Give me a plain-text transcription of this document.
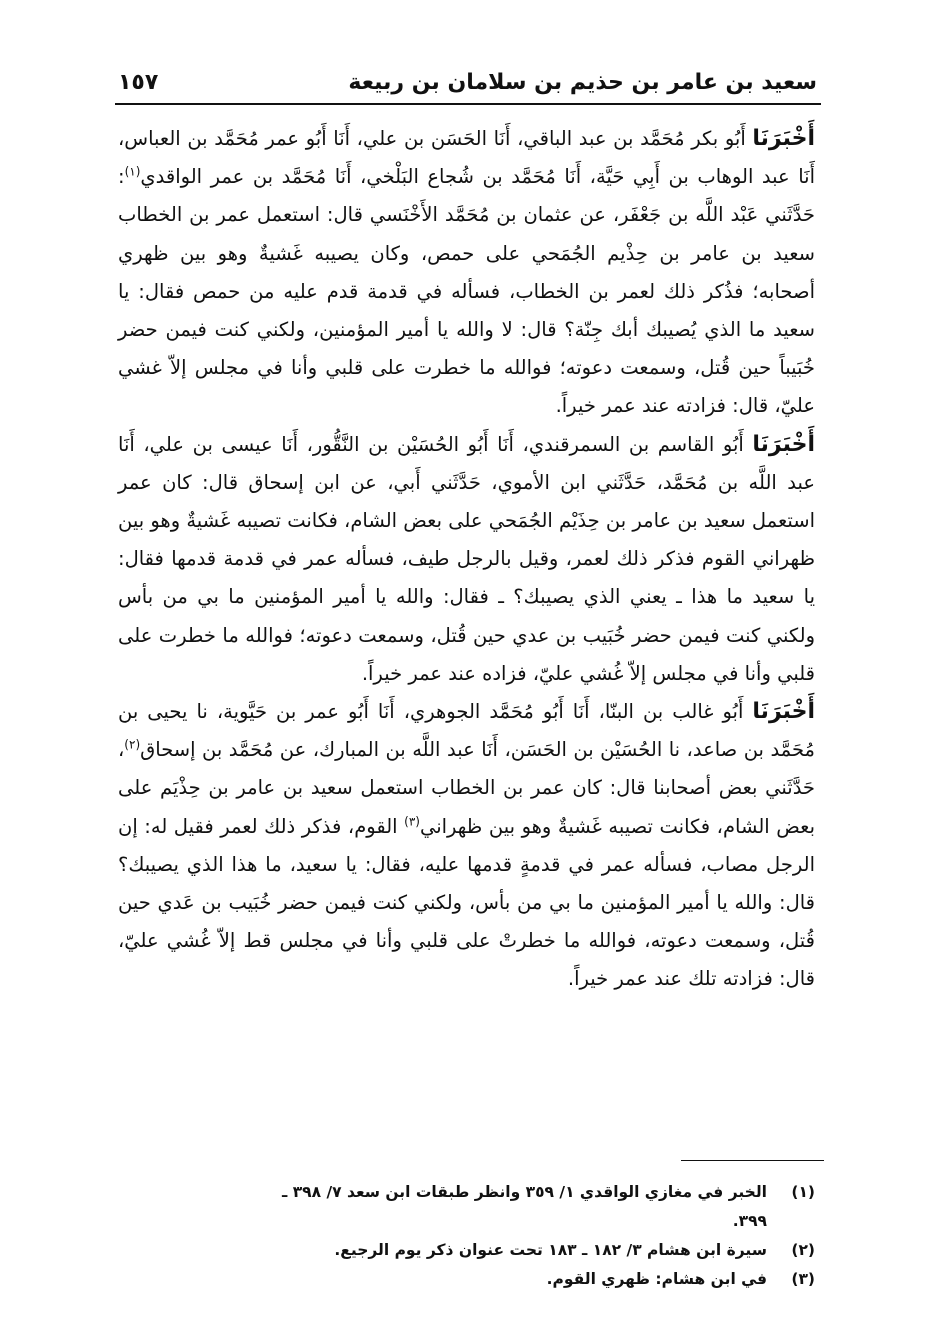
سعيد بن عامر بن حذيم بن سلامان بن ربيعة
١٥٧

أَخْبَرَنَا أَبُو بكر مُحَمَّد بن عبد الباقي، أَنَا الحَسَن بن علي، أَنَا أَبُو عمر مُحَمَّد بن العباس، أَنَا عبد الوهاب بن أَبِي حَيَّة، أَنَا مُحَمَّد بن شُجاع البَلْخي، أَنَا مُحَمَّد بن عمر الواقدي$^{(١)}$: حَدَّثَني عَبْد اللَّه بن جَعْفَر، عن عثمان بن مُحَمَّد الأَخْنَسي قال: استعمل عمر بن الخطاب سعيد بن عامر بن حِذْيم الجُمَحي على حمص، وكان يصيبه غَشيةٌ وهو بين ظهري أصحابه؛ فذُكر ذلك لعمر بن الخطاب، فسأله في قدمة قدم عليه من حمص فقال: يا سعيد ما الذي يُصيبك أبك جِنّة؟ قال: لا والله يا أمير المؤمنين، ولكني كنت فيمن حضر خُبَيباً حين قُتل، وسمعت دعوته؛ فوالله ما خطرت على قلبي وأنا في مجلس إلاّ غشي عليّ، قال: فزادته عند عمر خيراً.

أَخْبَرَنَا أَبُو القاسم بن السمرقندي، أَنَا أَبُو الحُسَيْن بن النَّقُّور، أَنَا عيسى بن علي، أَنَا عبد اللَّه بن مُحَمَّد، حَدَّثَني ابن الأموي، حَدَّثَني أَبي، عن ابن إسحاق قال: كان عمر استعمل سعيد بن عامر بن حِذَيْم الجُمَحي على بعض الشام، فكانت تصيبه غَشيةٌ وهو بين ظهراني القوم فذكر ذلك لعمر، وقيل بالرجل طيف، فسأله عمر في قدمة قدمها فقال: يا سعيد ما هذا ـ يعني الذي يصيبك؟ ـ فقال: والله يا أمير المؤمنين ما بي من بأس ولكني كنت فيمن حضر خُبَيب بن عدي حين قُتل، وسمعت دعوته؛ فوالله ما خطرت على قلبي وأنا في مجلس إلاّ غُشي عليّ، فزاده عند عمر خيراً.

أَخْبَرَنَا أَبُو غالب بن البنّا، أَنَا أَبُو مُحَمَّد الجوهري، أَنَا أَبُو عمر بن حَيَّوية، نا يحيى بن مُحَمَّد بن صاعد، نا الحُسَيْن بن الحَسَن، أَنَا عبد اللَّه بن المبارك، عن مُحَمَّد بن إسحاق$^{(٢)}$، حَدَّثَني بعض أصحابنا قال: كان عمر بن الخطاب استعمل سعيد بن عامر بن حِذْيَم على بعض الشام، فكانت تصيبه غَشيةٌ وهو بين ظهراني$^{(٣)}$ القوم، فذكر ذلك لعمر فقيل له: إن الرجل مصاب، فسأله عمر في قدمةٍ قدمها عليه، فقال: يا سعيد، ما هذا الذي يصيبك؟ قال: والله يا أمير المؤمنين ما بي من بأس، ولكني كنت فيمن حضر خُبَيب بن عَدي حين قُتل، وسمعت دعوته، فوالله ما خطرتْ على قلبي وأنا في مجلس قط إلاّ غُشي عليّ، قال: فزادته تلك عند عمر خيراً.

(١)
الخبر في مغازي الواقدي ١/ ٣٥٩ وانظر طبقات ابن سعد ٧/ ٣٩٨ ـ ٣٩٩.
(٢)
سيرة ابن هشام ٣/ ١٨٢ ـ ١٨٣ تحت عنوان ذكر يوم الرجيع.
(٣)
في ابن هشام: ظهري القوم.
